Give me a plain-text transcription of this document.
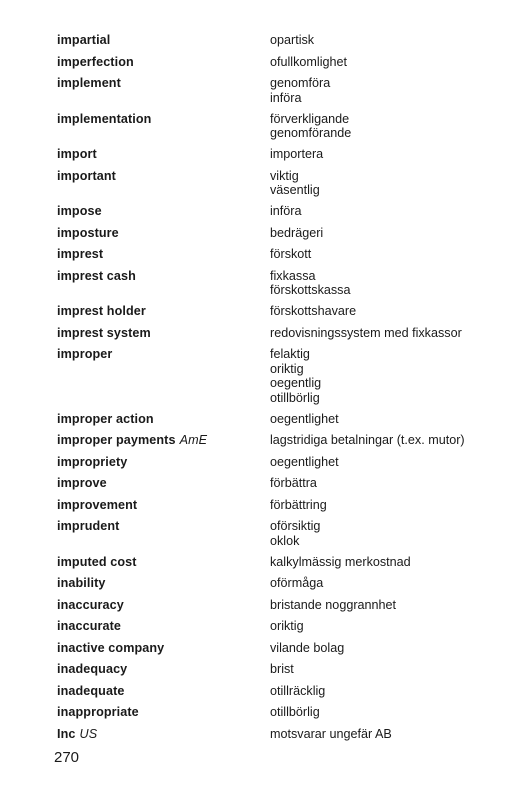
impartial	opartisk
imperfection	ofullkomlighet
implement	genomföra
införa
implementation	förverkligande
genomförande
import	importera
important	viktig
väsentlig
impose	införa
imposture	bedrägeri
imprest	förskott
imprest cash	fixkassa
förskottskassa
imprest holder	förskottshavare
imprest system	redovisningssystem med fixkassor
improper	felaktig
oriktig
oegentlig
otillbörlig
improper action	oegentlighet
improper payments AmE	lagstridiga betalningar (t.ex. mutor)
impropriety	oegentlighet
improve	förbättra
improvement	förbättring
imprudent	oförsiktig
oklok
imputed cost	kalkylmässig merkostnad
inability	oförmåga
inaccuracy	bristande noggrannhet
inaccurate	oriktig
inactive company	vilande bolag
inadequacy	brist
inadequate	otillräcklig
inappropriate	otillbörlig
Inc US	motsvarar ungefär AB
270
